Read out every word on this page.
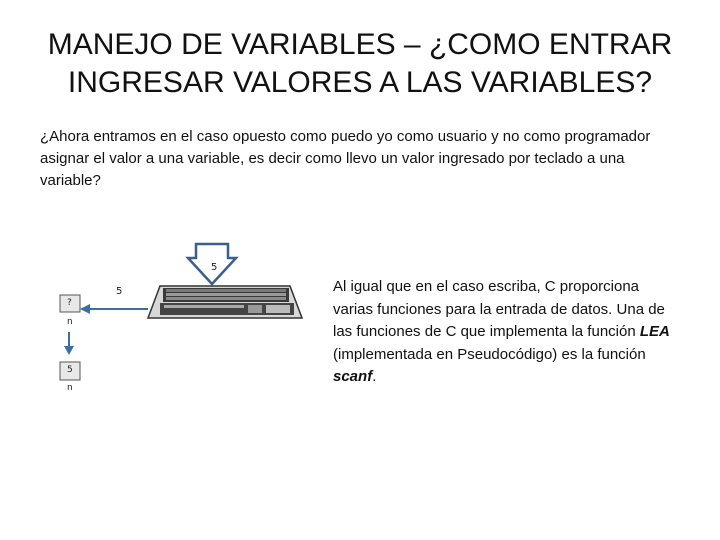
MANEJO DE VARIABLES – ¿COMO ENTRAR
INGRESAR VALORES A LAS VARIABLES?
¿Ahora entramos en el caso opuesto como puedo yo como usuario y no como programador asignar el valor a una variable, es decir como llevo un valor ingresado por teclado a una variable?
5
5
?
n
5
n
Al igual que en el caso escriba, C proporciona varias funciones para la entrada de datos. Una de las funciones de C que implementa la función LEA (implementada en Pseudocódigo) es la función scanf.
